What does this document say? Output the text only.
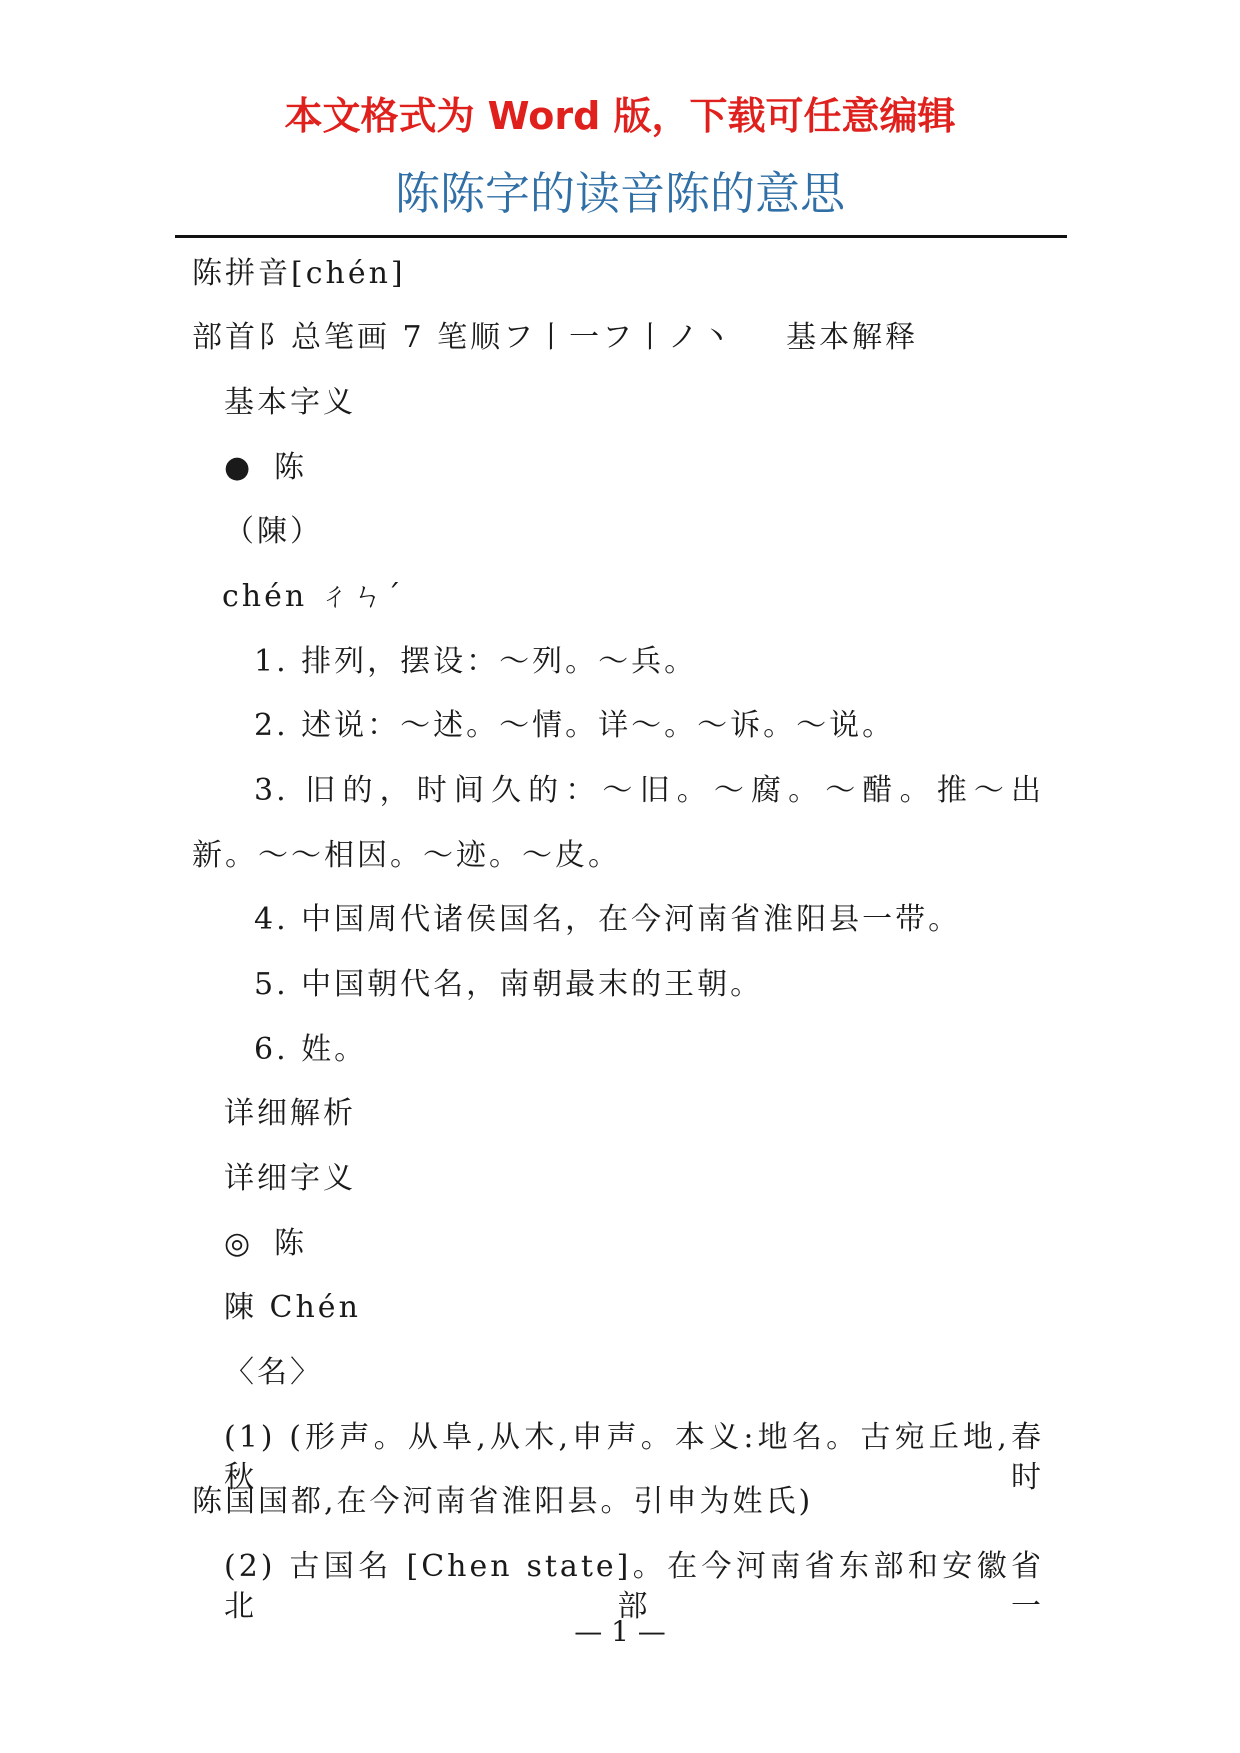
本文格式为 Word 版，下载可任意编辑
陈陈字的读音陈的意思
陈拼音[chén]
部首阝总笔画 7 笔顺フ丨一フ丨ノ丶 基本解释
基本字义
● 陈
（陳）
chén ㄔㄣˊ
1. 排列，摆设：～列。～兵。
2. 述说：～述。～情。详～。～诉。～说。
3. 旧的，时间久的：～旧。～腐。～醋。推～出
新。～～相因。～迹。～皮。
4. 中国周代诸侯国名，在今河南省淮阳县一带。
5. 中国朝代名，南朝最末的王朝。
6. 姓。
详细解析
详细字义
◎ 陈
陳 Chén
〈名〉
(1) (形声。从阜,从木,申声。本义:地名。古宛丘地,春秋时
陈国国都,在今河南省淮阳县。引申为姓氏)
(2) 古国名 [Chen state]。在今河南省东部和安徽省北部一
— 1 —
